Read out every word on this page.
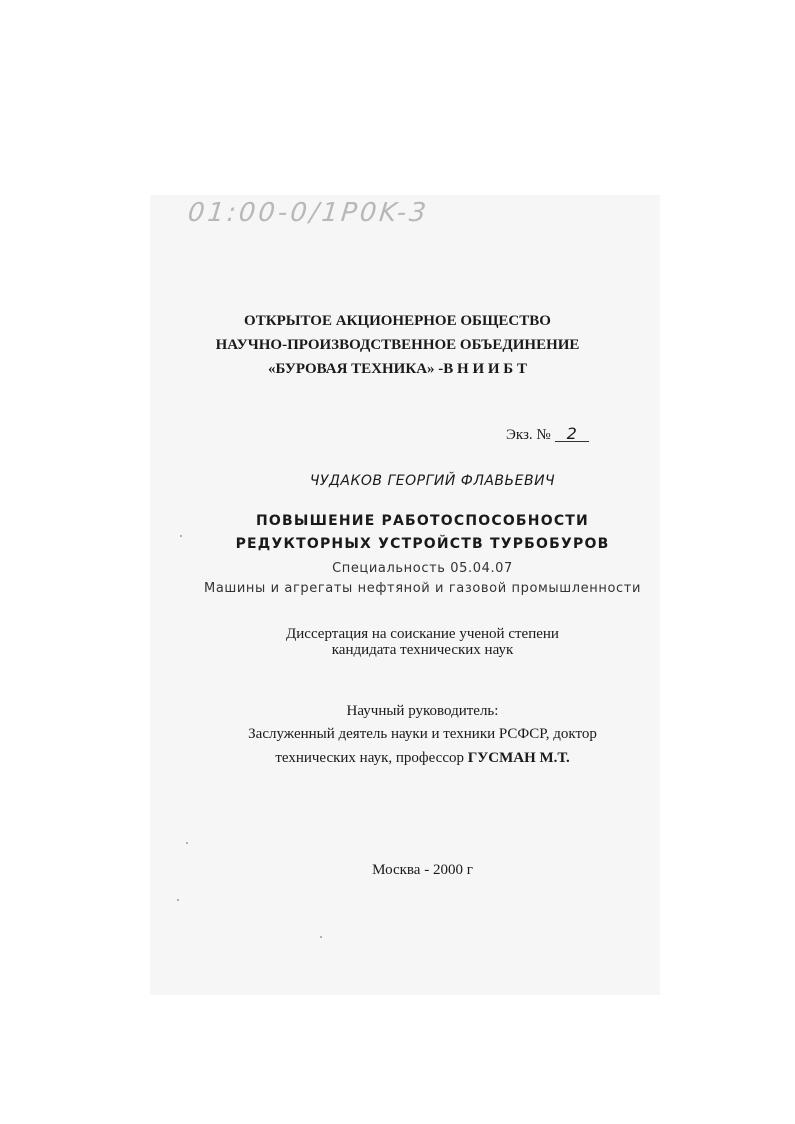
01:00-0/1P0K-3
ОТКРЫТОЕ АКЦИОНЕРНОЕ ОБЩЕСТВО
НАУЧНО-ПРОИЗВОДСТВЕННОЕ ОБЪЕДИНЕНИЕ
«БУРОВАЯ ТЕХНИКА» -В Н И И Б Т
Экз. № 2
ЧУДАКОВ ГЕОРГИЙ ФЛАВЬЕВИЧ
ПОВЫШЕНИЕ РАБОТОСПОСОБНОСТИ
РЕДУКТОРНЫХ УСТРОЙСТВ ТУРБОБУРОВ
Специальность 05.04.07
Машины и агрегаты нефтяной и газовой промышленности
Диссертация на соискание ученой степени
кандидата технических наук
Научный руководитель:
Заслуженный деятель науки и техники РСФСР, доктор
технических наук, профессор ГУСМАН М.Т.
Москва - 2000 г
